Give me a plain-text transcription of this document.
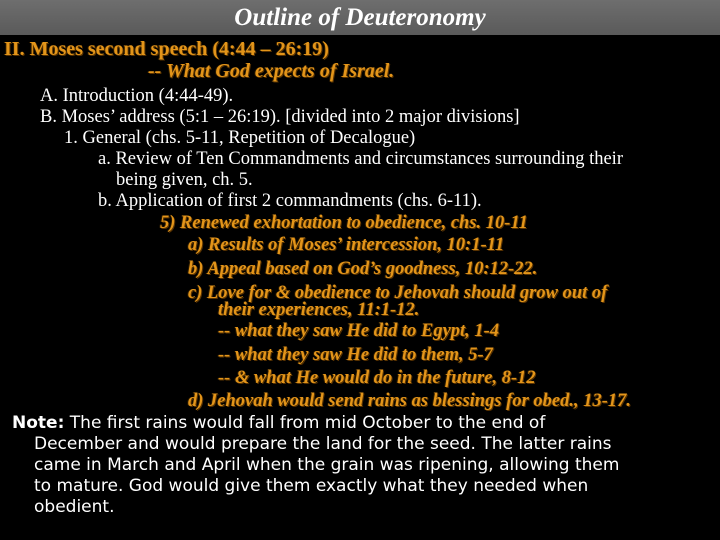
Outline of Deuteronomy
II. Moses second speech (4:44 – 26:19)
-- What God expects of Israel.
A. Introduction (4:44-49).
B. Moses’ address (5:1 – 26:19). [divided into 2 major divisions]
1. General (chs. 5-11, Repetition of Decalogue)
a. Review of Ten Commandments and circumstances surrounding their
being given, ch. 5.
b. Application of first 2 commandments (chs. 6-11).
5) Renewed exhortation to obedience, chs. 10-11
a) Results of Moses’ intercession, 10:1-11
b) Appeal based on God’s goodness, 10:12-22.
c) Love for & obedience to Jehovah should grow out of
their experiences, 11:1-12.
-- what they saw He did to Egypt, 1-4
-- what they saw He did to them, 5-7
-- & what He would do in the future, 8-12
d) Jehovah would send rains as blessings for obed., 13-17.
Note: The first rains would fall from mid October to the end of
December and would prepare the land for the seed. The latter rains
came in March and April when the grain was ripening, allowing them
to mature. God would give them exactly what they needed when
obedient.
